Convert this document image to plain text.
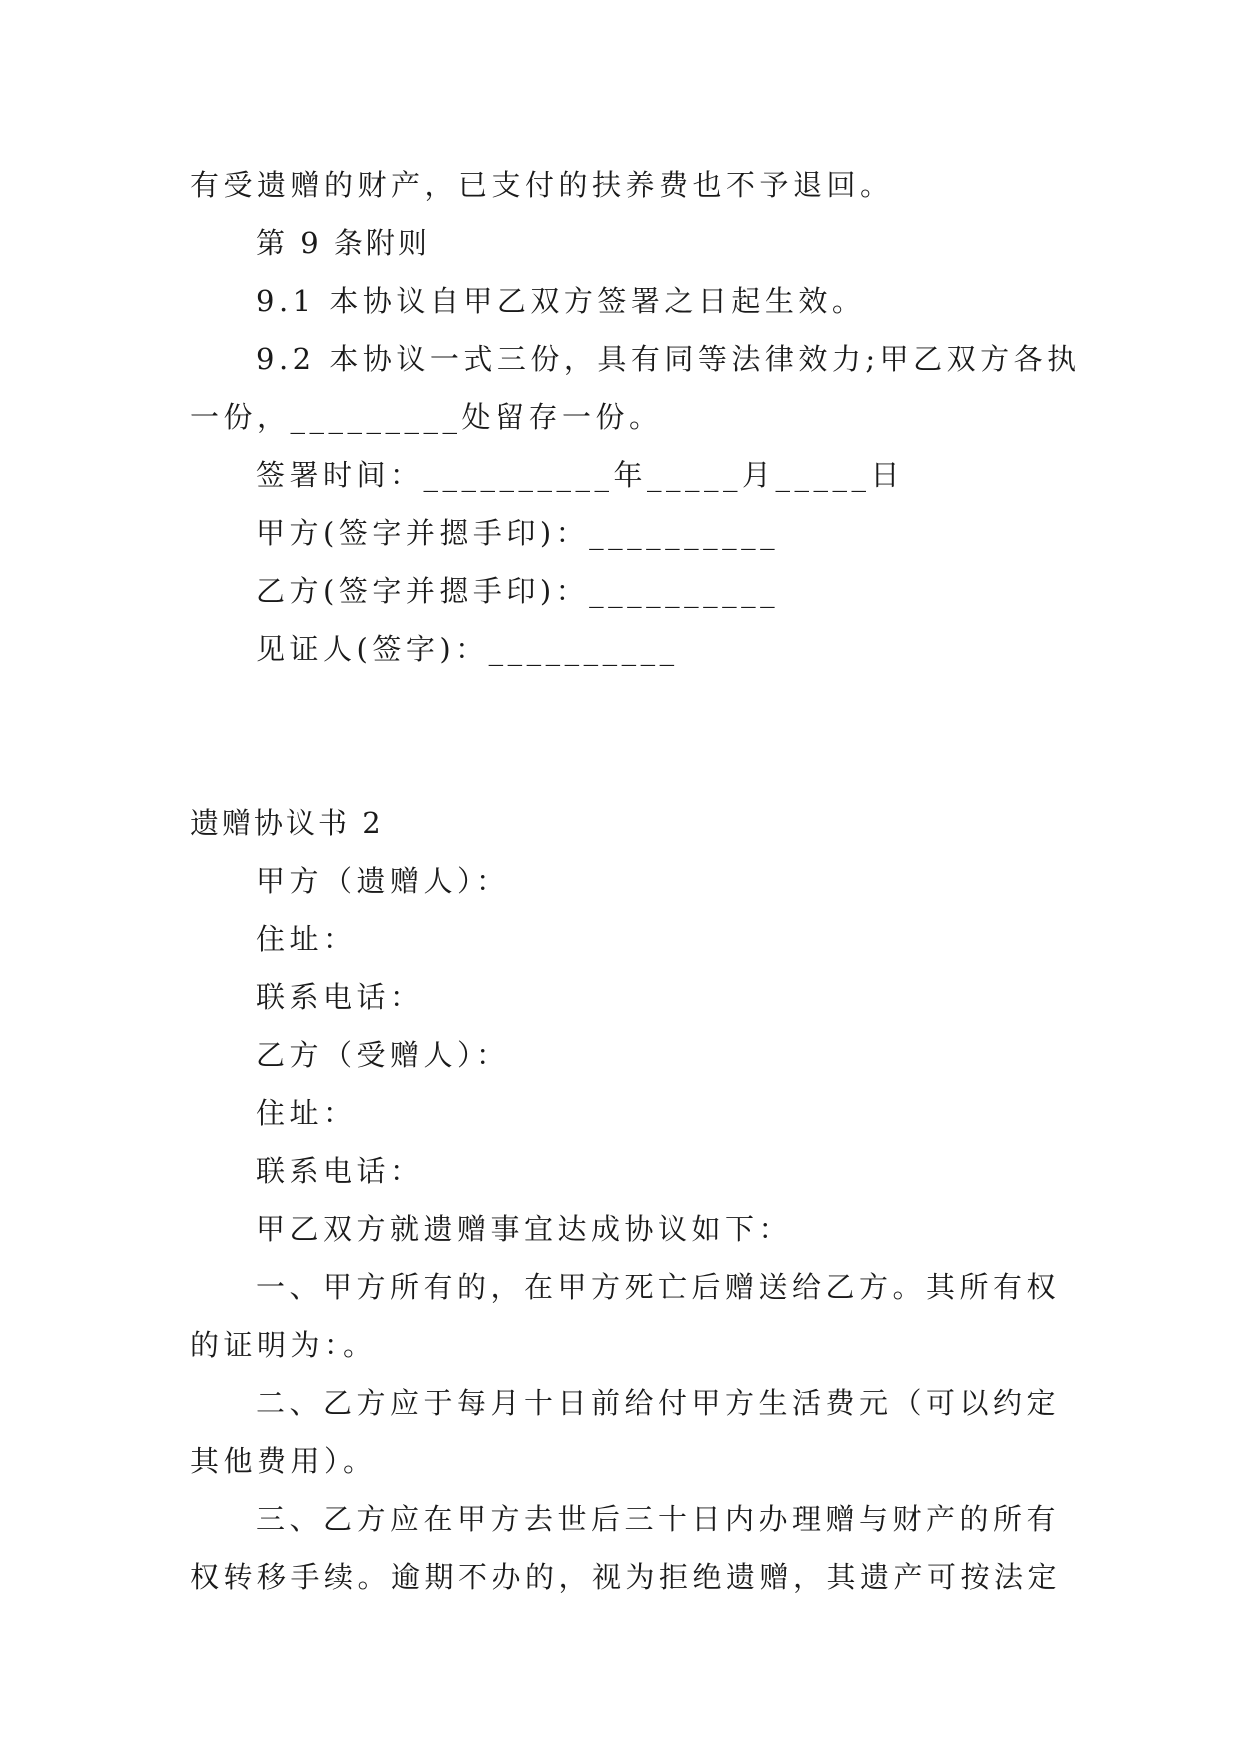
有受遗赠的财产，已支付的扶养费也不予退回。
第 9 条附则
9.1 本协议自甲乙双方签署之日起生效。
9.2 本协议一式三份，具有同等法律效力;甲乙双方各执
一份，_________处留存一份。
签署时间：__________年_____月_____日
甲方(签字并摁手印)：__________
乙方(签字并摁手印)：__________
见证人(签字)：__________
遗赠协议书 2
甲方（遗赠人）：
住址：
联系电话：
乙方（受赠人）：
住址：
联系电话：
甲乙双方就遗赠事宜达成协议如下：
一、甲方所有的，在甲方死亡后赠送给乙方。其所有权
的证明为：。
二、乙方应于每月十日前给付甲方生活费元（可以约定
其他费用）。
三、乙方应在甲方去世后三十日内办理赠与财产的所有
权转移手续。逾期不办的，视为拒绝遗赠，其遗产可按法定
